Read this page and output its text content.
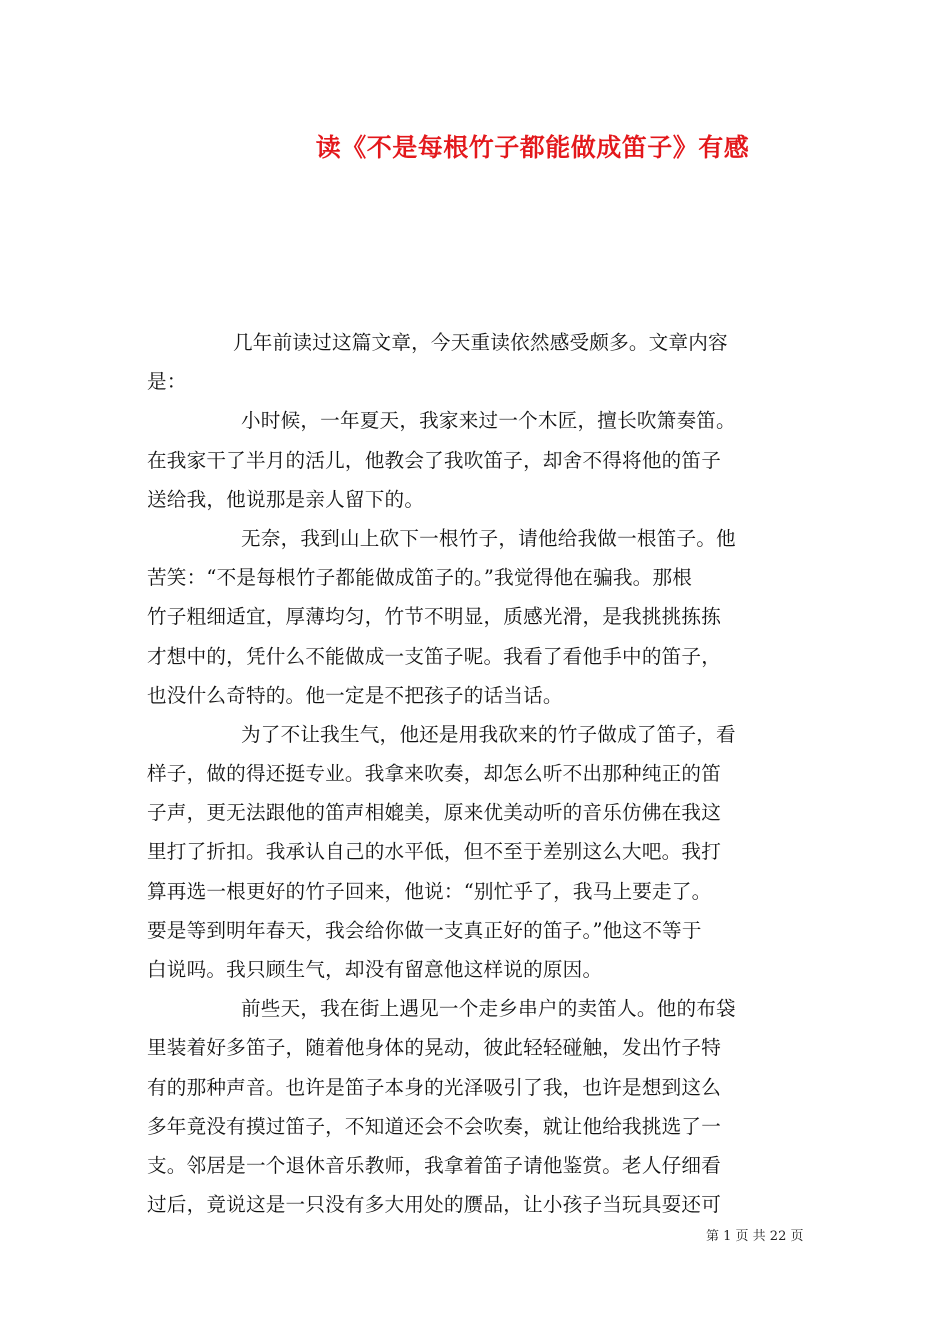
读《不是每根竹子都能做成笛子》有感
几年前读过这篇文章，今天重读依然感受颇多。文章内容
是：
小时候，一年夏天，我家来过一个木匠，擅长吹箫奏笛。
在我家干了半月的活儿，他教会了我吹笛子，却舍不得将他的笛子
送给我，他说那是亲人留下的。
无奈，我到山上砍下一根竹子，请他给我做一根笛子。他
苦笑：“不是每根竹子都能做成笛子的。”我觉得他在骗我。那根
竹子粗细适宜，厚薄均匀，竹节不明显，质感光滑，是我挑挑拣拣
才想中的，凭什么不能做成一支笛子呢。我看了看他手中的笛子，
也没什么奇特的。他一定是不把孩子的话当话。
为了不让我生气，他还是用我砍来的竹子做成了笛子，看
样子，做的得还挺专业。我拿来吹奏，却怎么听不出那种纯正的笛
子声，更无法跟他的笛声相媲美，原来优美动听的音乐仿佛在我这
里打了折扣。我承认自己的水平低，但不至于差别这么大吧。我打
算再选一根更好的竹子回来，他说：“别忙乎了，我马上要走了。
要是等到明年春天，我会给你做一支真正好的笛子。”他这不等于
白说吗。我只顾生气，却没有留意他这样说的原因。
前些天，我在街上遇见一个走乡串户的卖笛人。他的布袋
里装着好多笛子，随着他身体的晃动，彼此轻轻碰触，发出竹子特
有的那种声音。也许是笛子本身的光泽吸引了我，也许是想到这么
多年竟没有摸过笛子，不知道还会不会吹奏，就让他给我挑选了一
支。邻居是一个退休音乐教师，我拿着笛子请他鉴赏。老人仔细看
过后，竟说这是一只没有多大用处的赝品，让小孩子当玩具耍还可
第 1 页 共 22 页
